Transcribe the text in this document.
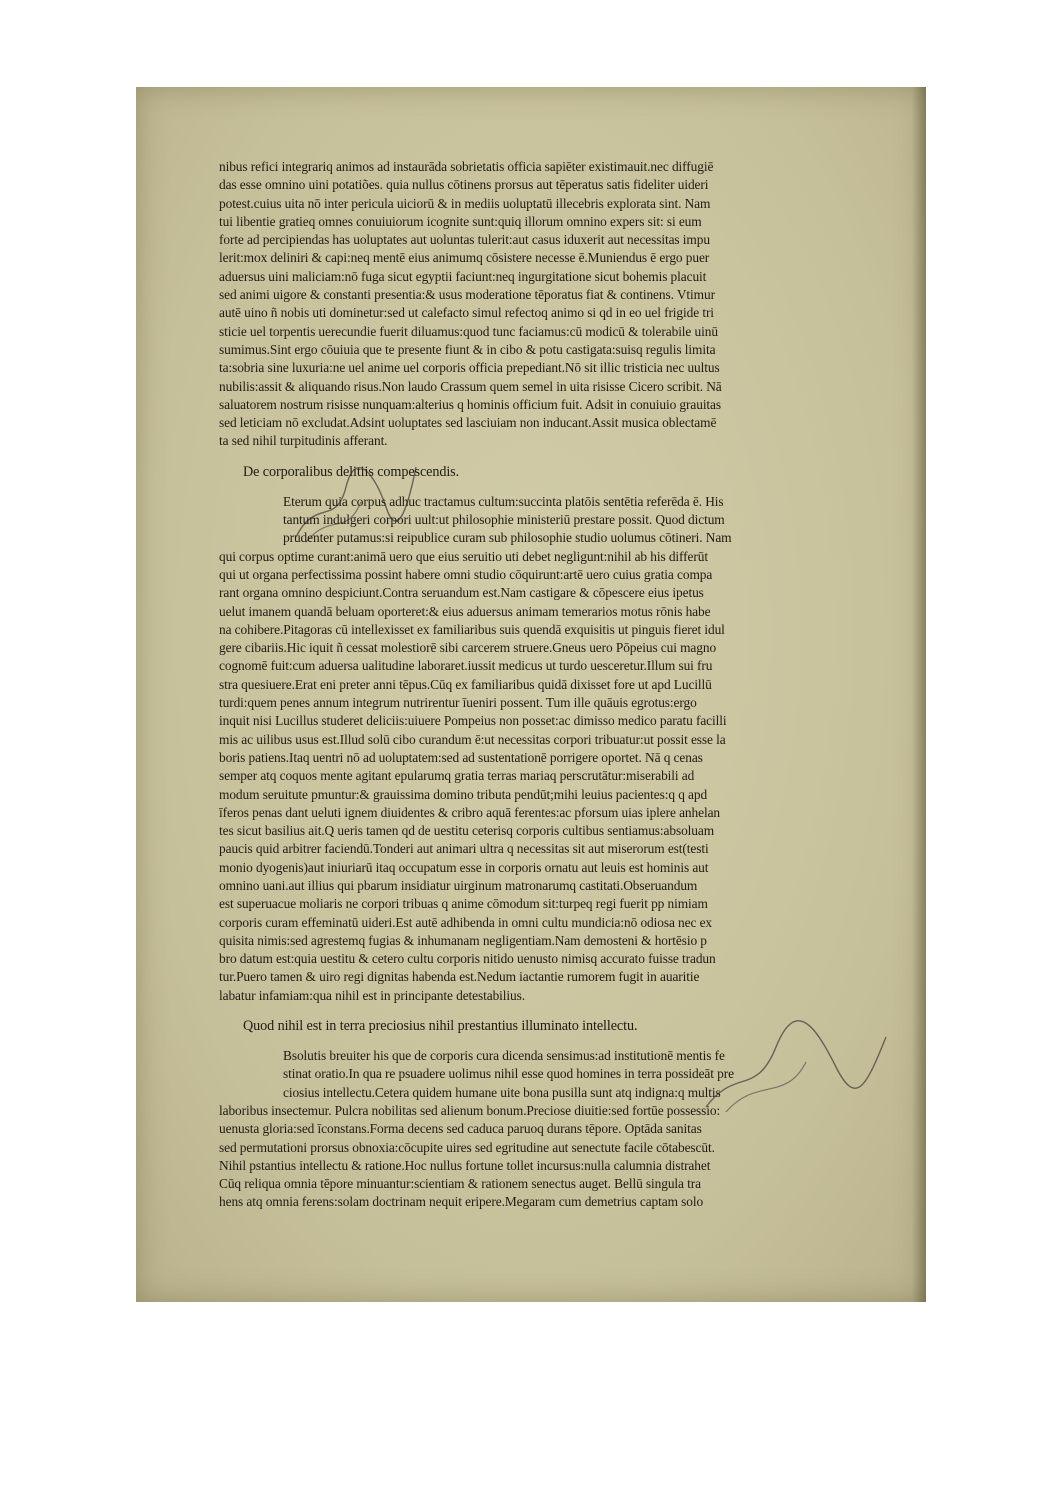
nibus refici integrariq animos ad instaurāda sobrietatis officia sapiēter existimauit.nec diffugiē
das esse omnino uini potatiões. quia nullus cōtinens prorsus aut tēperatus satis fideliter uideri
potest.cuius uita nō inter pericula uiciorū & in mediis uoluptatū illecebris explorata sint. Nam
tui libentie gratieq omnes conuiuiorum icognite sunt:quiq illorum omnino expers sit: si eum
forte ad percipiendas has uoluptates aut uoluntas tulerit:aut casus iduxerit aut necessitas impu
lerit:mox deliniri & capi:neq mentē eius animumq cōsistere necesse ē.Muniendus ē ergo puer
aduersus uini maliciam:nō fuga sicut egyptii faciunt:neq ingurgitatione sicut bohemis placuit
sed animi uigore & constanti presentia:& usus moderatione tēporatus fiat & continens. Vtimur
autē uino ñ nobis uti dominetur:sed ut calefacto simul refectoq animo si qd in eo uel frigide tri
sticie uel torpentis uerecundie fuerit diluamus:quod tunc faciamus:cū modicū & tolerabile uinū
sumimus.Sint ergo cōuiuia que te presente fiunt & in cibo & potu castigata:suisq regulis limita
ta:sobria sine luxuria:ne uel anime uel corporis officia prepediant.Nō sit illic tristicia nec uultus
nubilis:assit & aliquando risus.Non laudo Crassum quem semel in uita risisse Cicero scribit. Nā
saluatorem nostrum risisse nunquam:alterius q hominis officium fuit. Adsit in conuiuio grauitas
sed leticiam nō excludat.Adsint uoluptates sed lasciuiam non inducant.Assit musica oblectamē
ta sed nihil turpitudinis afferant.
De corporalibus delitiis compescendis.
Eterum quia corpus adhuc tractamus cultum:succinta platōis sentētia referēda ē. His
tantum indulgeri corpori uult:ut philosophie ministeriū prestare possit. Quod dictum
prudenter putamus:si reipublice curam sub philosophie studio uolumus cōtineri. Nam
qui corpus optime curant:animā uero que eius seruitio uti debet negligunt:nihil ab his differūt
qui ut organa perfectissima possint habere omni studio cōquirunt:artē uero cuius gratia compa
rant organa omnino despiciunt.Contra seruandum est.Nam castigare & cōpescere eius ipetus
uelut imanem quandā beluam oporteret:& eius aduersus animam temerarios motus rōnis habe
na cohibere.Pitagoras cū intellexisset ex familiaribus suis quendā exquisitis ut pinguis fieret idul
gere cibariis.Hic iquit ñ cessat molestiorē sibi carcerem struere.Gneus uero Pōpeius cui magno
cognomē fuit:cum aduersa ualitudine laboraret.iussit medicus ut turdo uesceretur.Illum sui fru
stra quesiuere.Erat eni preter anni tēpus.Cūq ex familiaribus quidā dixisset fore ut apd Lucillū
turdi:quem penes annum integrum nutrirentur īueniri possent. Tum ille quāuis egrotus:ergo
inquit nisi Lucillus studeret deliciis:uiuere Pompeius non posset:ac dimisso medico paratu facilli
mis ac uilibus usus est.Illud solū cibo curandum ē:ut necessitas corpori tribuatur:ut possit esse la
boris patiens.Itaq uentri nō ad uoluptatem:sed ad sustentationē porrigere oportet. Nā q cenas
semper atq coquos mente agitant epularumq gratia terras mariaq perscrutātur:miserabili ad
modum seruitute pmuntur:& grauissima domino tributa pendūt;mihi leuius pacientes:q q apd
īferos penas dant ueluti ignem diuidentes & cribro aquā ferentes:ac pforsum uias iplere anhelan
tes sicut basilius ait.Q ueris tamen qd de uestitu ceterisq corporis cultibus sentiamus:absoluam
paucis quid arbitrer faciendū.Tonderi aut animari ultra q necessitas sit aut miserorum est(testi
monio dyogenis)aut iniuriarū itaq occupatum esse in corporis ornatu aut leuis est hominis aut
omnino uani.aut illius qui pbarum insidiatur uirginum matronarumq castitati.Obseruandum
est superuacue moliaris ne corpori tribuas q anime cōmodum sit:turpeq regi fuerit pp nimiam
corporis curam effeminatū uideri.Est autē adhibenda in omni cultu mundicia:nō odiosa nec ex
quisita nimis:sed agrestemq fugias & inhumanam negligentiam.Nam demosteni & hortēsio p
bro datum est:quia uestitu & cetero cultu corporis nitido uenusto nimisq accurato fuisse tradun
tur.Puero tamen & uiro regi dignitas habenda est.Nedum iactantie rumorem fugit in auaritie
labatur infamiam:qua nihil est in principante detestabilius.
Quod nihil est in terra preciosius nihil prestantius illuminato intellectu.
Bsolutis breuiter his que de corporis cura dicenda sensimus:ad institutionē mentis fe
stinat oratio.In qua re psuadere uolimus nihil esse quod homines in terra possideāt pre
ciosius intellectu.Cetera quidem humane uite bona pusilla sunt atq indigna:q multis
laboribus insectemur. Pulcra nobilitas sed alienum bonum.Preciose diuitie:sed fortūe possessio:
uenusta gloria:sed īconstans.Forma decens sed caduca paruoq durans tēpore. Optāda sanitas
sed permutationi prorsus obnoxia:cōcupite uires sed egritudine aut senectute facile cōtabescūt.
Nihil pstantius intellectu & ratione.Hoc nullus fortune tollet incursus:nulla calumnia distrahet
Cūq reliqua omnia tēpore minuantur:scientiam & rationem senectus auget. Bellū singula tra
hens atq omnia ferens:solam doctrinam nequit eripere.Megaram cum demetrius captam solo
